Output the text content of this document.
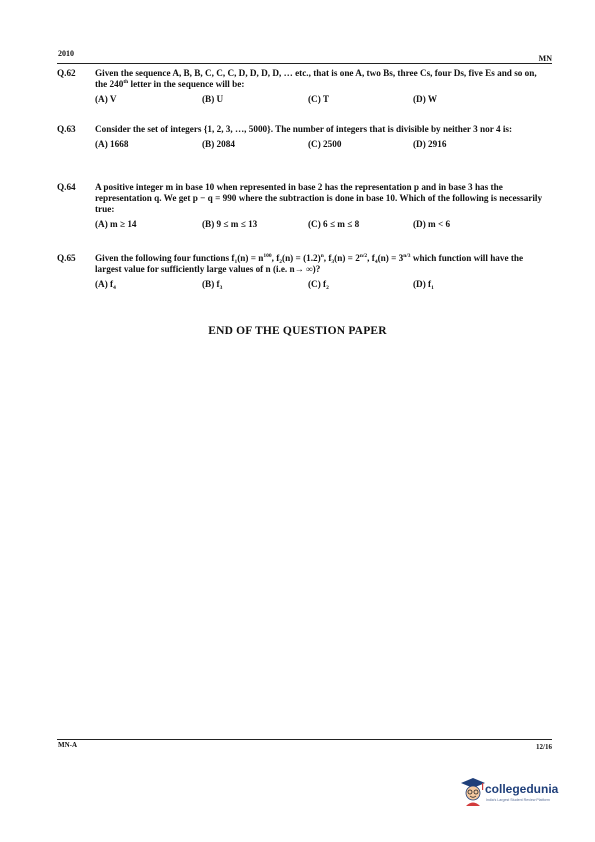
2010
MN
Q.62	Given the sequence A, B, B, C, C, C, D, D, D, D, … etc., that is one A, two Bs, three Cs, four Ds, five Es and so on, the 240th letter in the sequence will be:
(A) V	(B) U	(C) T	(D) W
Q.63	Consider the set of integers {1, 2, 3, …, 5000}. The number of integers that is divisible by neither 3 nor 4 is:
(A) 1668	(B) 2084	(C) 2500	(D) 2916
Q.64	A positive integer m in base 10 when represented in base 2 has the representation p and in base 3 has the representation q. We get p − q = 990 where the subtraction is done in base 10. Which of the following is necessarily true:
(A) m ≥ 14	(B) 9 ≤ m ≤ 13	(C) 6 ≤ m ≤ 8	(D) m < 6
Q.65	Given the following four functions $f_1(n) = n^{100}$, $f_2(n) = (1.2)^n$, $f_3(n) = 2^{n/2}$, $f_4(n) = 3^{n/3}$ which function will have the largest value for sufficiently large values of n (i.e. n→ ∞)?
(A) $f_4$	(B) $f_3$	(C) $f_2$	(D) $f_1$
END OF THE QUESTION PAPER
MN-A	12/16
collegedunia
India's Largest Student Review Platform
